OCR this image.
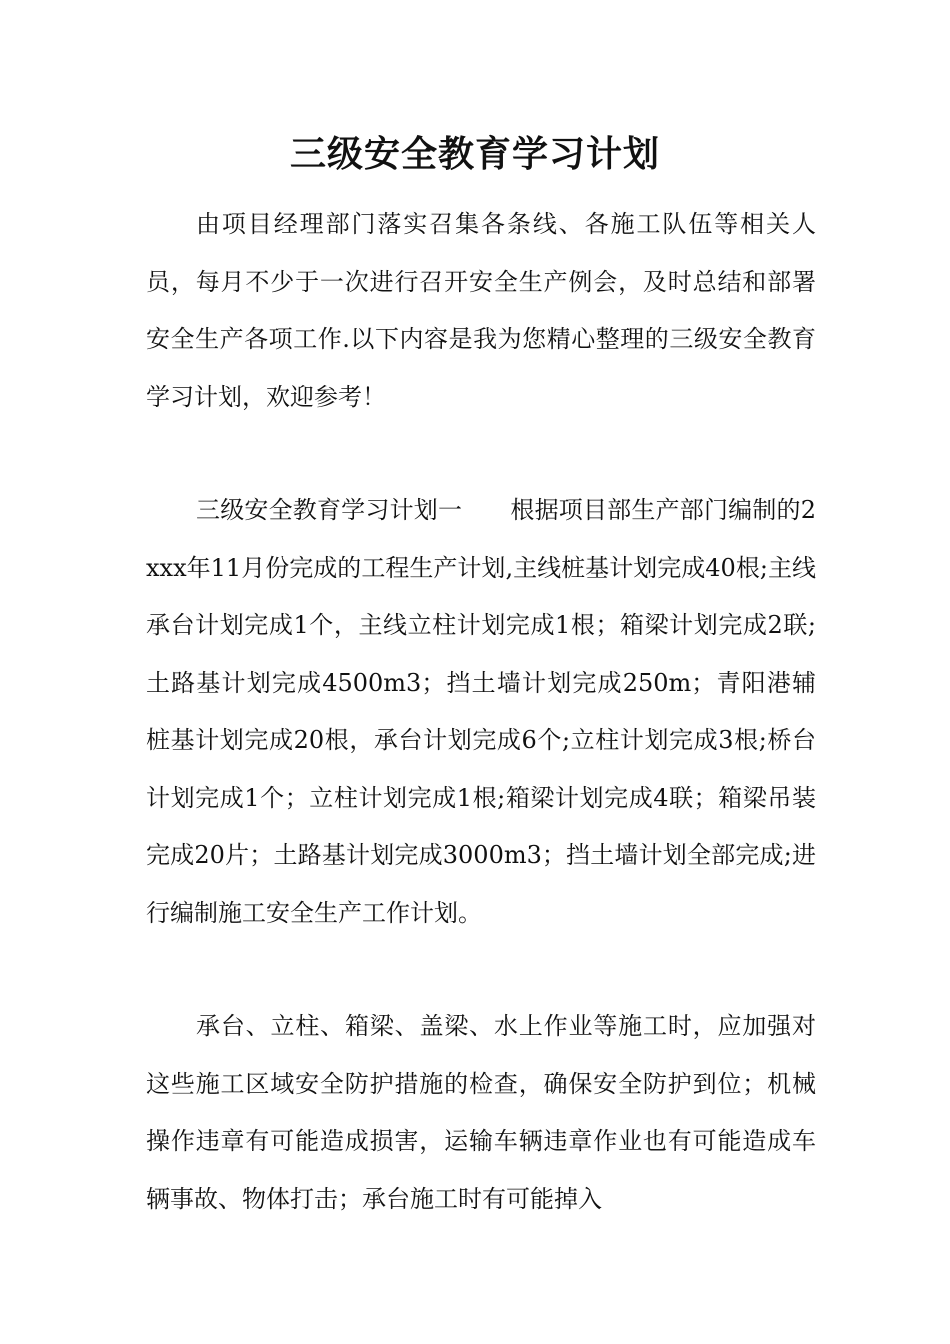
三级安全教育学习计划

由项目经理部门落实召集各条线、各施工队伍等相关人员，每月不少于一次进行召开安全生产例会，及时总结和部署安全生产各项工作.以下内容是我为您精心整理的三级安全教育学习计划，欢迎参考！

三级安全教育学习计划一 根据项目部生产部门编制的2xxx年11月份完成的工程生产计划,主线桩基计划完成40根;主线承台计划完成1个，主线立柱计划完成1根；箱梁计划完成2联;土路基计划完成4500m3；挡土墙计划完成250m；青阳港辅桩基计划完成20根，承台计划完成6个;立柱计划完成3根;桥台计划完成1个；立柱计划完成1根;箱梁计划完成4联；箱梁吊装完成20片；土路基计划完成3000m3；挡土墙计划全部完成;进行编制施工安全生产工作计划。

承台、立柱、箱梁、盖梁、水上作业等施工时，应加强对这些施工区域安全防护措施的检查，确保安全防护到位；机械操作违章有可能造成损害，运输车辆违章作业也有可能造成车辆事故、物体打击；承台施工时有可能掉入
